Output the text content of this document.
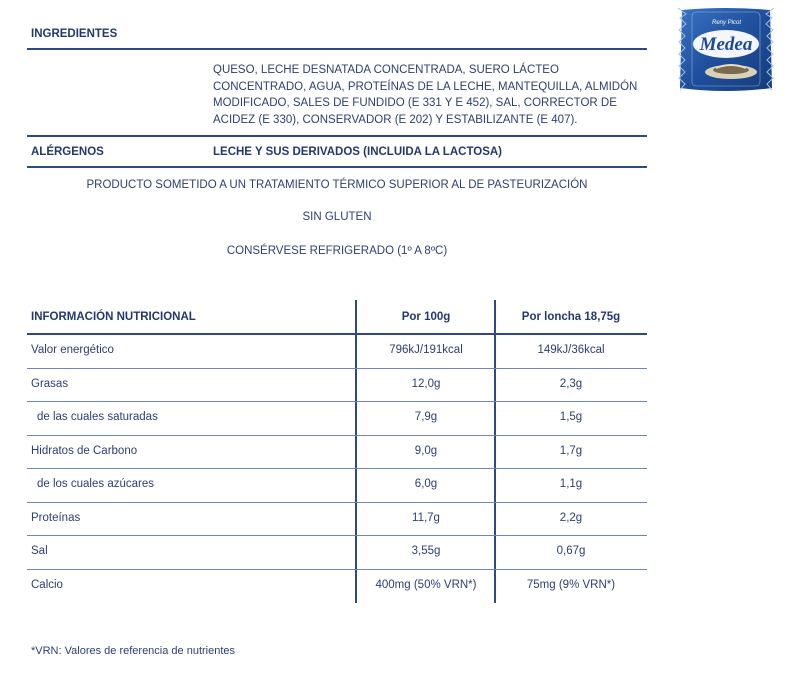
INGREDIENTES
QUESO, LECHE DESNATADA CONCENTRADA, SUERO LÁCTEO
CONCENTRADO, AGUA, PROTEÍNAS DE LA LECHE, MANTEQUILLA, ALMIDÓN
MODIFICADO, SALES DE FUNDIDO (E 331 Y E 452), SAL, CORRECTOR DE
ACIDEZ (E 330), CONSERVADOR (E 202) Y ESTABILIZANTE (E 407).
ALÉRGENOS	LECHE Y SUS DERIVADOS (INCLUIDA LA LACTOSA)
PRODUCTO SOMETIDO A UN TRATAMIENTO TÉRMICO SUPERIOR AL DE PASTEURIZACIÓN
SIN GLUTEN
CONSÉRVESE REFRIGERADO (1º A 8ºC)
INFORMACIÓN NUTRICIONAL	Por 100g	Por loncha 18,75g
Valor energético	796kJ/191kcal	149kJ/36kcal
Grasas	12,0g	2,3g
de las cuales saturadas	7,9g	1,5g
Hidratos de Carbono	9,0g	1,7g
de los cuales azúcares	6,0g	1,1g
Proteínas	11,7g	2,2g
Sal	3,55g	0,67g
Calcio	400mg (50% VRN*)	75mg (9% VRN*)
*VRN: Valores de referencia de nutrientes
Reny Picot
Medea
